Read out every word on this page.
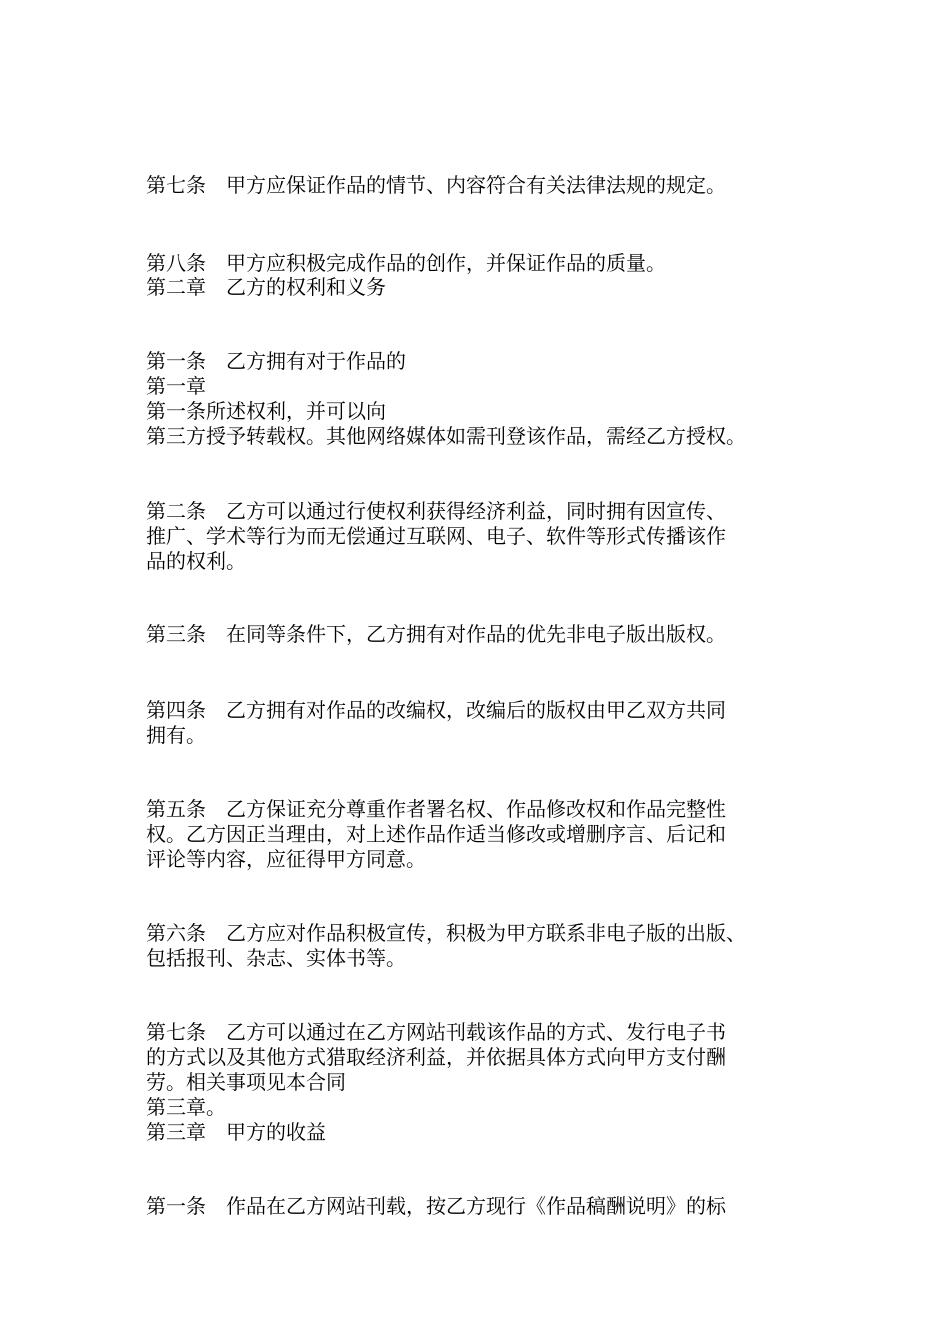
第七条　甲方应保证作品的情节、内容符合有关法律法规的规定。
第八条　甲方应积极完成作品的创作，并保证作品的质量。
第二章　乙方的权利和义务
第一条　乙方拥有对于作品的
第一章
第一条所述权利，并可以向
第三方授予转载权。其他网络媒体如需刊登该作品，需经乙方授权。
第二条　乙方可以通过行使权利获得经济利益，同时拥有因宣传、
推广、学术等行为而无偿通过互联网、电子、软件等形式传播该作
品的权利。
第三条　在同等条件下，乙方拥有对作品的优先非电子版出版权。
第四条　乙方拥有对作品的改编权，改编后的版权由甲乙双方共同
拥有。
第五条　乙方保证充分尊重作者署名权、作品修改权和作品完整性
权。乙方因正当理由，对上述作品作适当修改或增删序言、后记和
评论等内容，应征得甲方同意。
第六条　乙方应对作品积极宣传，积极为甲方联系非电子版的出版、
包括报刊、杂志、实体书等。
第七条　乙方可以通过在乙方网站刊载该作品的方式、发行电子书
的方式以及其他方式猎取经济利益，并依据具体方式向甲方支付酬
劳。相关事项见本合同
第三章。
第三章　甲方的收益
第一条　作品在乙方网站刊载，按乙方现行《作品稿酬说明》的标
